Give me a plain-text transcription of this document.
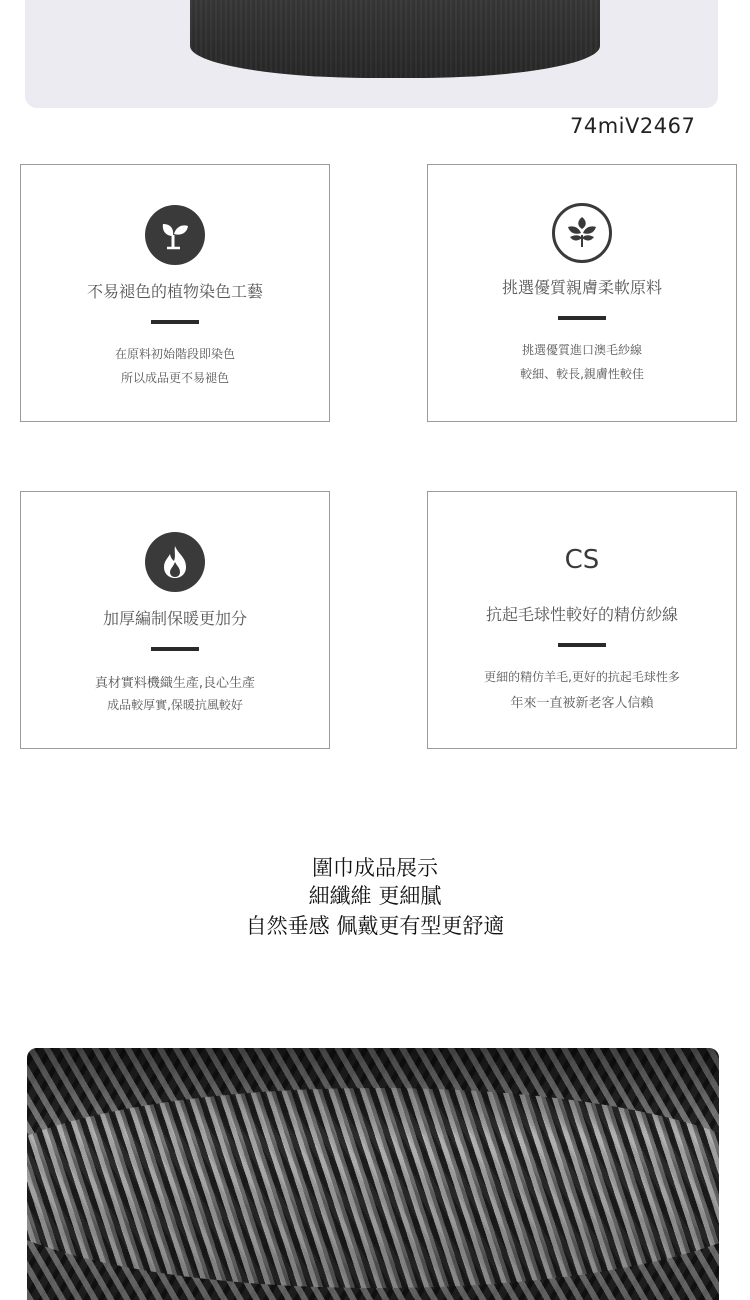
74miV2467
不易褪色的植物染色工藝
在原料初始階段即染色
所以成品更不易褪色
挑選優質親膚柔軟原料
挑選優質進口澳毛紗線
較細、較長,親膚性較佳
加厚編制保暖更加分
真材實料機織生產,良心生產
成品較厚實,保暖抗風較好
CS
抗起毛球性較好的精仿紗線
更細的精仿羊毛,更好的抗起毛球性多
年來一直被新老客人信賴
圍巾成品展示
細纖維 更細膩
自然垂感 佩戴更有型更舒適
